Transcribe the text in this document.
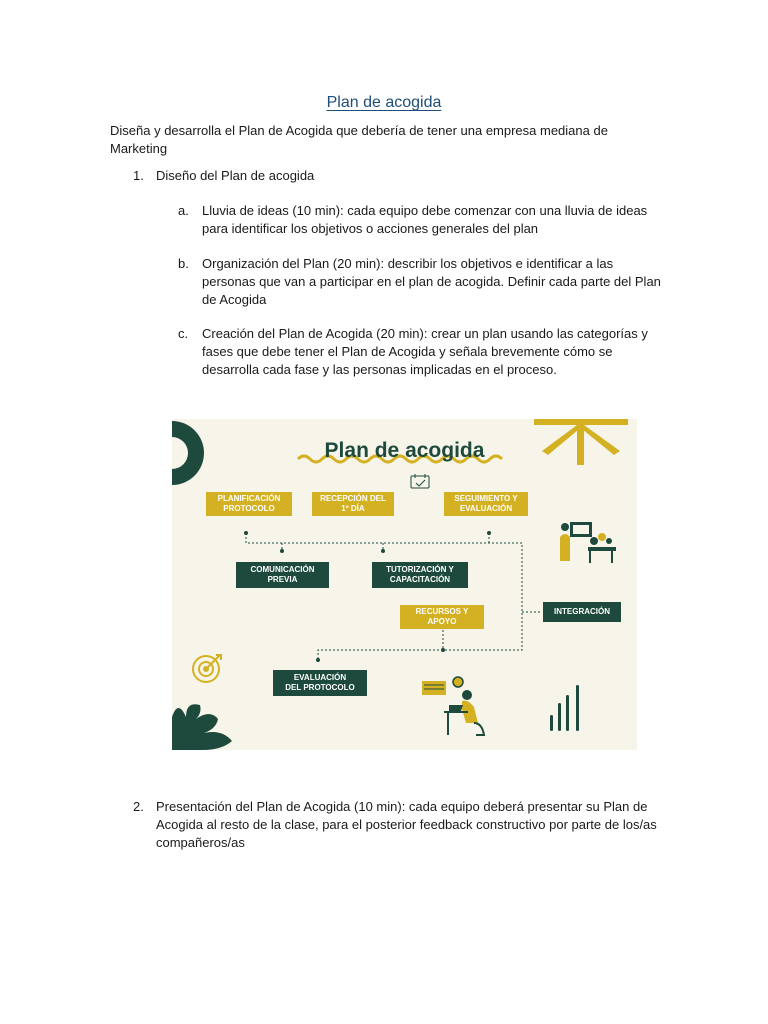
Plan de acogida
Diseña y desarrolla el Plan de Acogida que debería de tener una empresa mediana de Marketing
1. Diseño del Plan de acogida
a. Lluvia de ideas (10 min): cada equipo debe comenzar con una lluvia de ideas para identificar los objetivos o acciones generales del plan
b. Organización del Plan (20 min): describir los objetivos e identificar a las personas que van a participar en el plan de acogida. Definir cada parte del Plan de Acogida
c. Creación del Plan de Acogida (20 min): crear un plan usando las categorías y fases que debe tener el Plan de Acogida y señala brevemente cómo se desarrolla cada fase y las personas implicadas en el proceso.
Plan de acogida
PLANIFICACIÓN
PROTOCOLO
RECEPCIÓN DEL
1º DÍA
SEGUIMIENTO Y
EVALUACIÓN
COMUNICACIÓN
PREVIA
TUTORIZACIÓN Y
CAPACITACIÓN
RECURSOS Y
APOYO
INTEGRACIÓN
EVALUACIÓN
DEL PROTOCOLO
2. Presentación del Plan de Acogida (10 min): cada equipo deberá presentar su Plan de Acogida al resto de la clase, para el posterior feedback constructivo por parte de los/as compañeros/as
